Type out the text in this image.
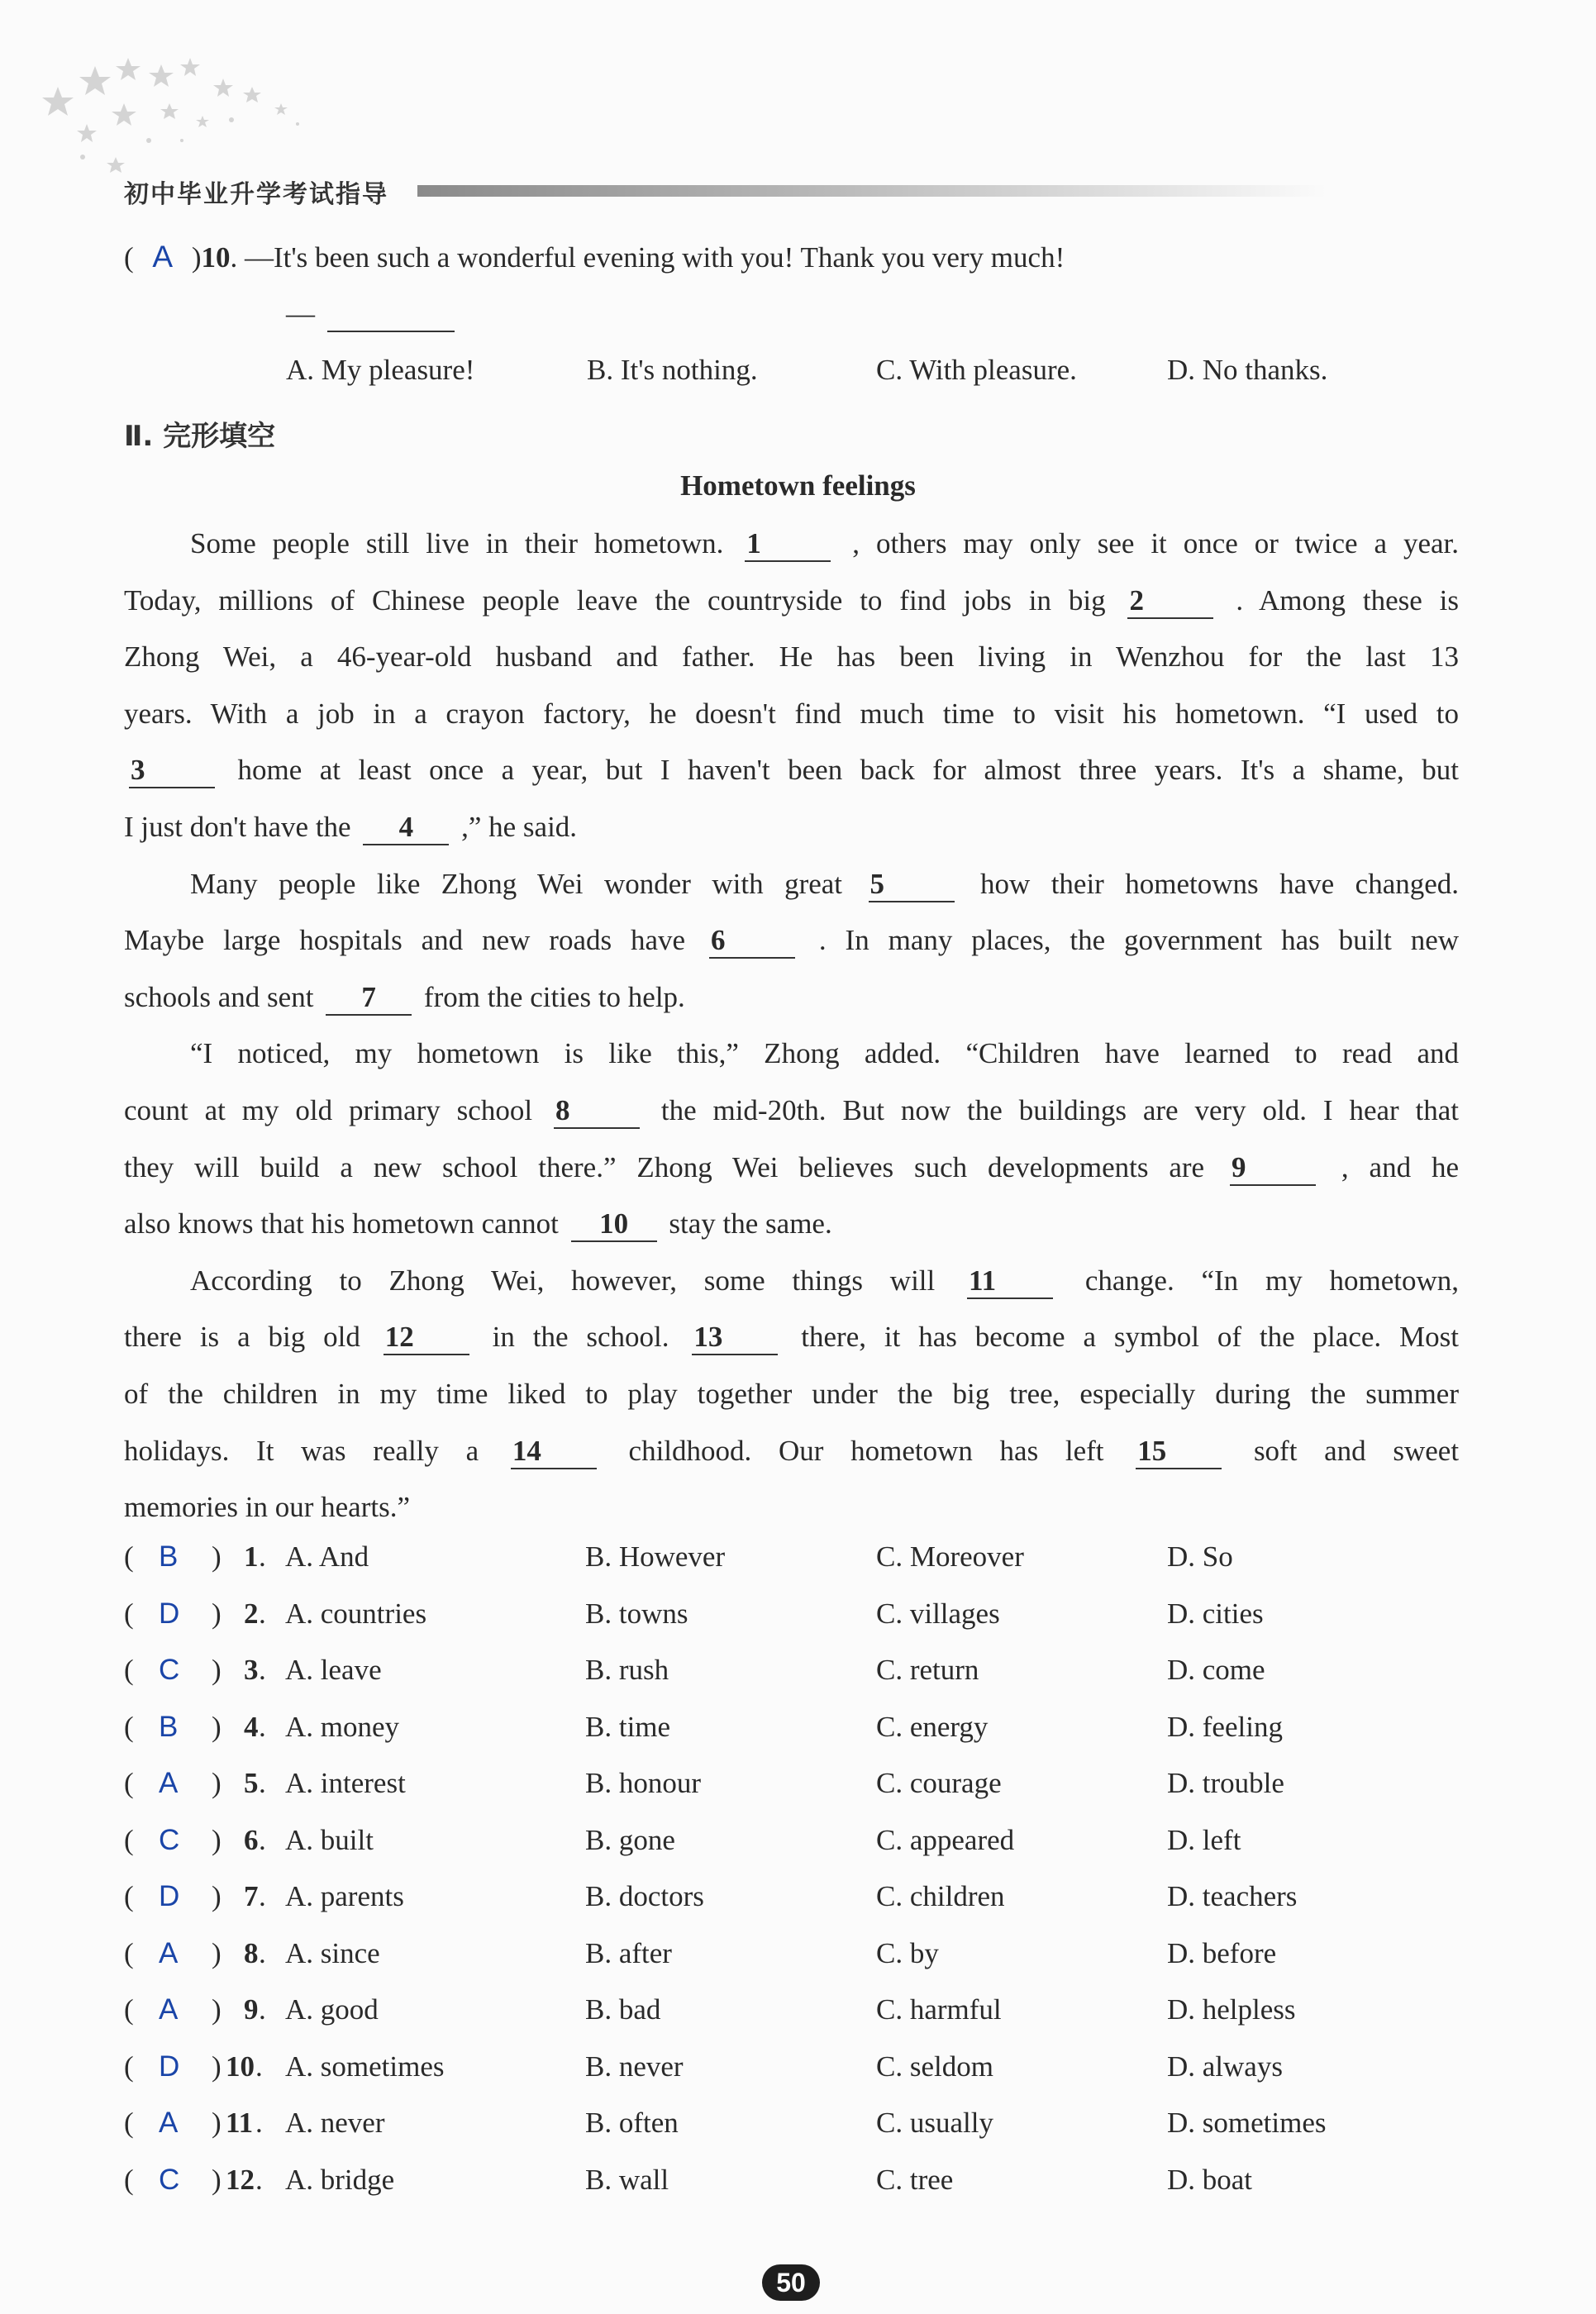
初中毕业升学考试指导
( A )10. —It's been such a wonderful evening with you! Thank you very much!
—
A. My pleasure!	B. It's nothing.	C. With pleasure.	D. No thanks.
Ⅱ. 完形填空
Hometown feelings
Some people still live in their hometown. 1	, others may only see it once or twice a year.
Today, millions of Chinese people leave the countryside to find jobs in big 2	. Among these is
Zhong Wei, a 46-year-old husband and father. He has been living in Wenzhou for the last 13
years. With a job in a crayon factory, he doesn't find much time to visit his hometown. “I used to
3	home at least once a year, but I haven't been back for almost three years. It's a shame, but
I just don't have the 4 ,” he said.
Many people like Zhong Wei wonder with great 5	how their hometowns have changed.
Maybe large hospitals and new roads have 6	. In many places, the government has built new
schools and sent 7 from the cities to help.
“I noticed, my hometown is like this,” Zhong added. “Children have learned to read and
count at my old primary school 8	the mid-20th. But now the buildings are very old. I hear that
they will build a new school there.” Zhong Wei believes such developments are 9	, and he
also knows that his hometown cannot 10 stay the same.
According to Zhong Wei, however, some things will 11	change. “In my hometown,
there is a big old 12	in the school. 13	there, it has become a symbol of the place. Most
of the children in my time liked to play together under the big tree, especially during the summer
holidays. It was really a 14	childhood. Our hometown has left 15	soft and sweet
memories in our hearts.”
( B ) 1 . A. And	B. However	C. Moreover	D. So
( D ) 2 . A. countries	B. towns	C. villages	D. cities
( C ) 3 . A. leave	B. rush	C. return	D. come
( B ) 4 . A. money	B. time	C. energy	D. feeling
( A ) 5 . A. interest	B. honour	C. courage	D. trouble
( C ) 6 . A. built	B. gone	C. appeared	D. left
( D ) 7 . A. parents	B. doctors	C. children	D. teachers
( A ) 8 . A. since	B. after	C. by	D. before
( A ) 9 . A. good	B. bad	C. harmful	D. helpless
( D ) 10 . A. sometimes	B. never	C. seldom	D. always
( A ) 11 . A. never	B. often	C. usually	D. sometimes
( C ) 12 . A. bridge	B. wall	C. tree	D. boat
50
